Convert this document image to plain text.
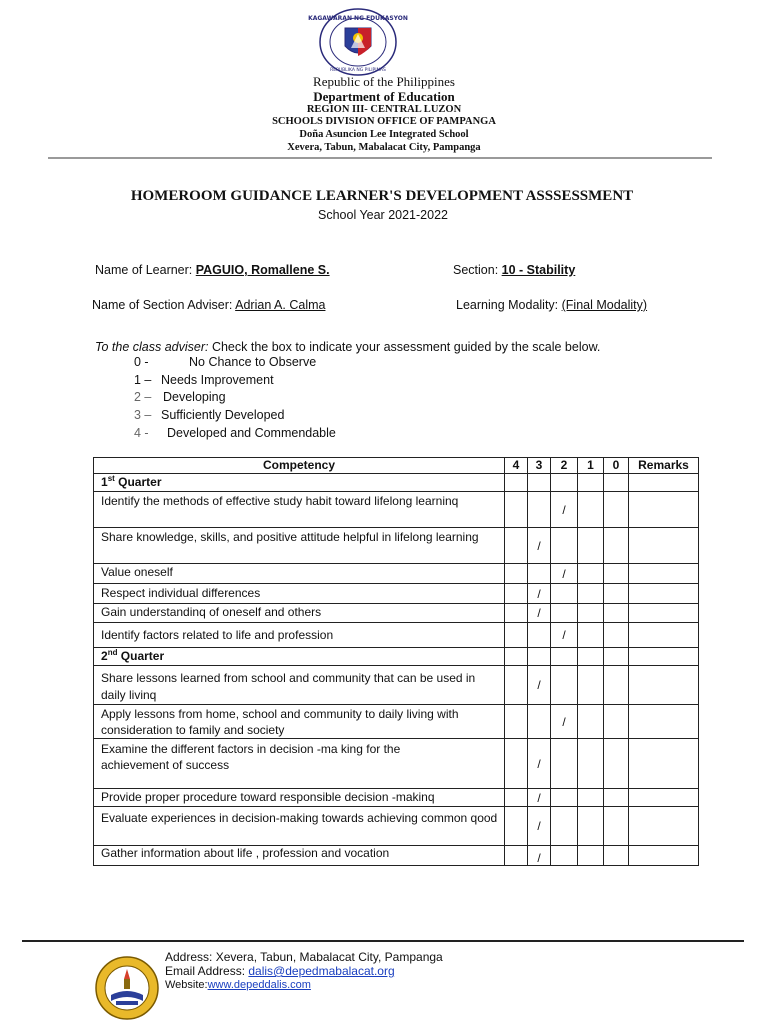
KAGAWARAN NG EDUKASYON
REPUBLIKA NG PILIPINAS
Republic of the Philippines
Department of Education
REGION III- CENTRAL LUZON
SCHOOLS DIVISION OFFICE OF PAMPANGA
Doña Asuncion Lee Integrated School
Xevera, Tabun, Mabalacat City, Pampanga
HOMEROOM GUIDANCE LEARNER'S DEVELOPMENT ASSSESSMENT
School Year 2021-2022
Name of Learner: PAGUIO, Romallene S.	Section: 10 - Stability
Name of Section Adviser: Adrian A. Calma	Learning Modality: (Final Modality)
To the class adviser: Check the box to indicate your assessment guided by the scale below.
0 -	No Chance to Observe
1 – Needs Improvement
2 – Developing
3 – Sufficiently Developed
4 - Developed and Commendable
Competency	4	3	2	1	0	Remarks
1st Quarter						
Identify the methods of effective study habit toward lifelong learninq			/			
Share knowledge, skills, and positive attitude helpful in lifelong learning		/				
Value oneself			/			
Respect individual differences		/				
Gain understandinq of oneself and others		/				
Identify factors related to life and profession			/			
2nd Quarter						
Share lessons learned from school and community that can be used in daily livinq		/				
Apply lessons from home, school and community to daily living with consideration to family and society			/			
Examine the different factors in decision -ma king for the achievement of success		/				
Provide proper procedure toward responsible decision -makinq		/				
Evaluate experiences in decision-making towards achieving common qood		/				
Gather information about life , profession and vocation		/				
Address: Xevera, Tabun, Mabalacat City, Pampanga
Email Address: dalis@depedmabalacat.org
Website:www.depeddalis.com
